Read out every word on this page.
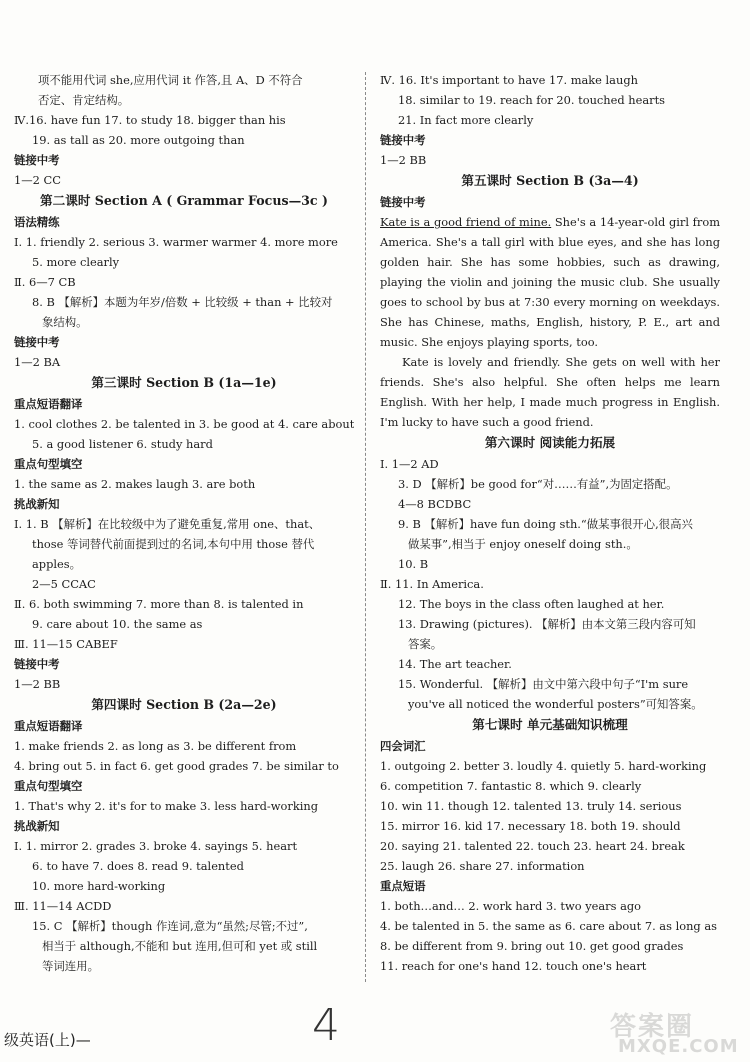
项不能用代词 she,应用代词 it 作答,且 A、D 不符合
否定、肯定结构。
Ⅳ.16. have fun 17. to study 18. bigger than his
19. as tall as 20. more outgoing than
链接中考
1—2 CC
第二课时 Section A ( Grammar Focus—3c )
语法精练
Ⅰ. 1. friendly 2. serious 3. warmer warmer 4. more more
5. more clearly
Ⅱ. 6—7 CB
8. B 【解析】本题为年岁/倍数 + 比较级 + than + 比较对
象结构。
链接中考
1—2 BA
第三课时 Section B (1a—1e)
重点短语翻译
1. cool clothes 2. be talented in 3. be good at 4. care about
5. a good listener 6. study hard
重点句型填空
1. the same as 2. makes laugh 3. are both
挑战新知
Ⅰ. 1. B 【解析】在比较级中为了避免重复,常用 one、that、
those 等词替代前面提到过的名词,本句中用 those 替代
apples。
2—5 CCAC
Ⅱ. 6. both swimming 7. more than 8. is talented in
9. care about 10. the same as
Ⅲ. 11—15 CABEF
链接中考
1—2 BB
第四课时 Section B (2a—2e)
重点短语翻译
1. make friends 2. as long as 3. be different from
4. bring out 5. in fact 6. get good grades 7. be similar to
重点句型填空
1. That's why 2. it's for to make 3. less hard-working
挑战新知
Ⅰ. 1. mirror 2. grades 3. broke 4. sayings 5. heart
6. to have 7. does 8. read 9. talented
10. more hard-working
Ⅲ. 11—14 ACDD
15. C 【解析】though 作连词,意为“虽然;尽管;不过”,
相当于 although,不能和 but 连用,但可和 yet 或 still
等词连用。
Ⅳ. 16. It's important to have 17. make laugh
18. similar to 19. reach for 20. touched hearts
21. In fact more clearly
链接中考
1—2 BB
第五课时 Section B (3a—4)
链接中考
Kate is a good friend of mine. She's a 14-year-old girl from America. She's a tall girl with blue eyes, and she has long golden hair. She has some hobbies, such as drawing, playing the violin and joining the music club. She usually goes to school by bus at 7:30 every morning on weekdays. She has Chinese, maths, English, history, P. E., art and music. She enjoys playing sports, too.
Kate is lovely and friendly. She gets on well with her friends. She's also helpful. She often helps me learn English. With her help, I made much progress in English. I'm lucky to have such a good friend.
第六课时 阅读能力拓展
Ⅰ. 1—2 AD
3. D 【解析】be good for“对……有益”,为固定搭配。
4—8 BCDBC
9. B 【解析】have fun doing sth.“做某事很开心,很高兴
做某事”,相当于 enjoy oneself doing sth.。
10. B
Ⅱ. 11. In America.
12. The boys in the class often laughed at her.
13. Drawing (pictures). 【解析】由本文第三段内容可知
答案。
14. The art teacher.
15. Wonderful. 【解析】由文中第六段中句子“I'm sure
you've all noticed the wonderful posters”可知答案。
第七课时 单元基础知识梳理
四会词汇
1. outgoing 2. better 3. loudly 4. quietly 5. hard-working
6. competition 7. fantastic 8. which 9. clearly
10. win 11. though 12. talented 13. truly 14. serious
15. mirror 16. kid 17. necessary 18. both 19. should
20. saying 21. talented 22. touch 23. heart 24. break
25. laugh 26. share 27. information
重点短语
1. both…and… 2. work hard 3. two years ago
4. be talented in 5. the same as 6. care about 7. as long as
8. be different from 9. bring out 10. get good grades
11. reach for one's hand 12. touch one's heart
级英语(上)—	4	答案圈
MXQE.COM
